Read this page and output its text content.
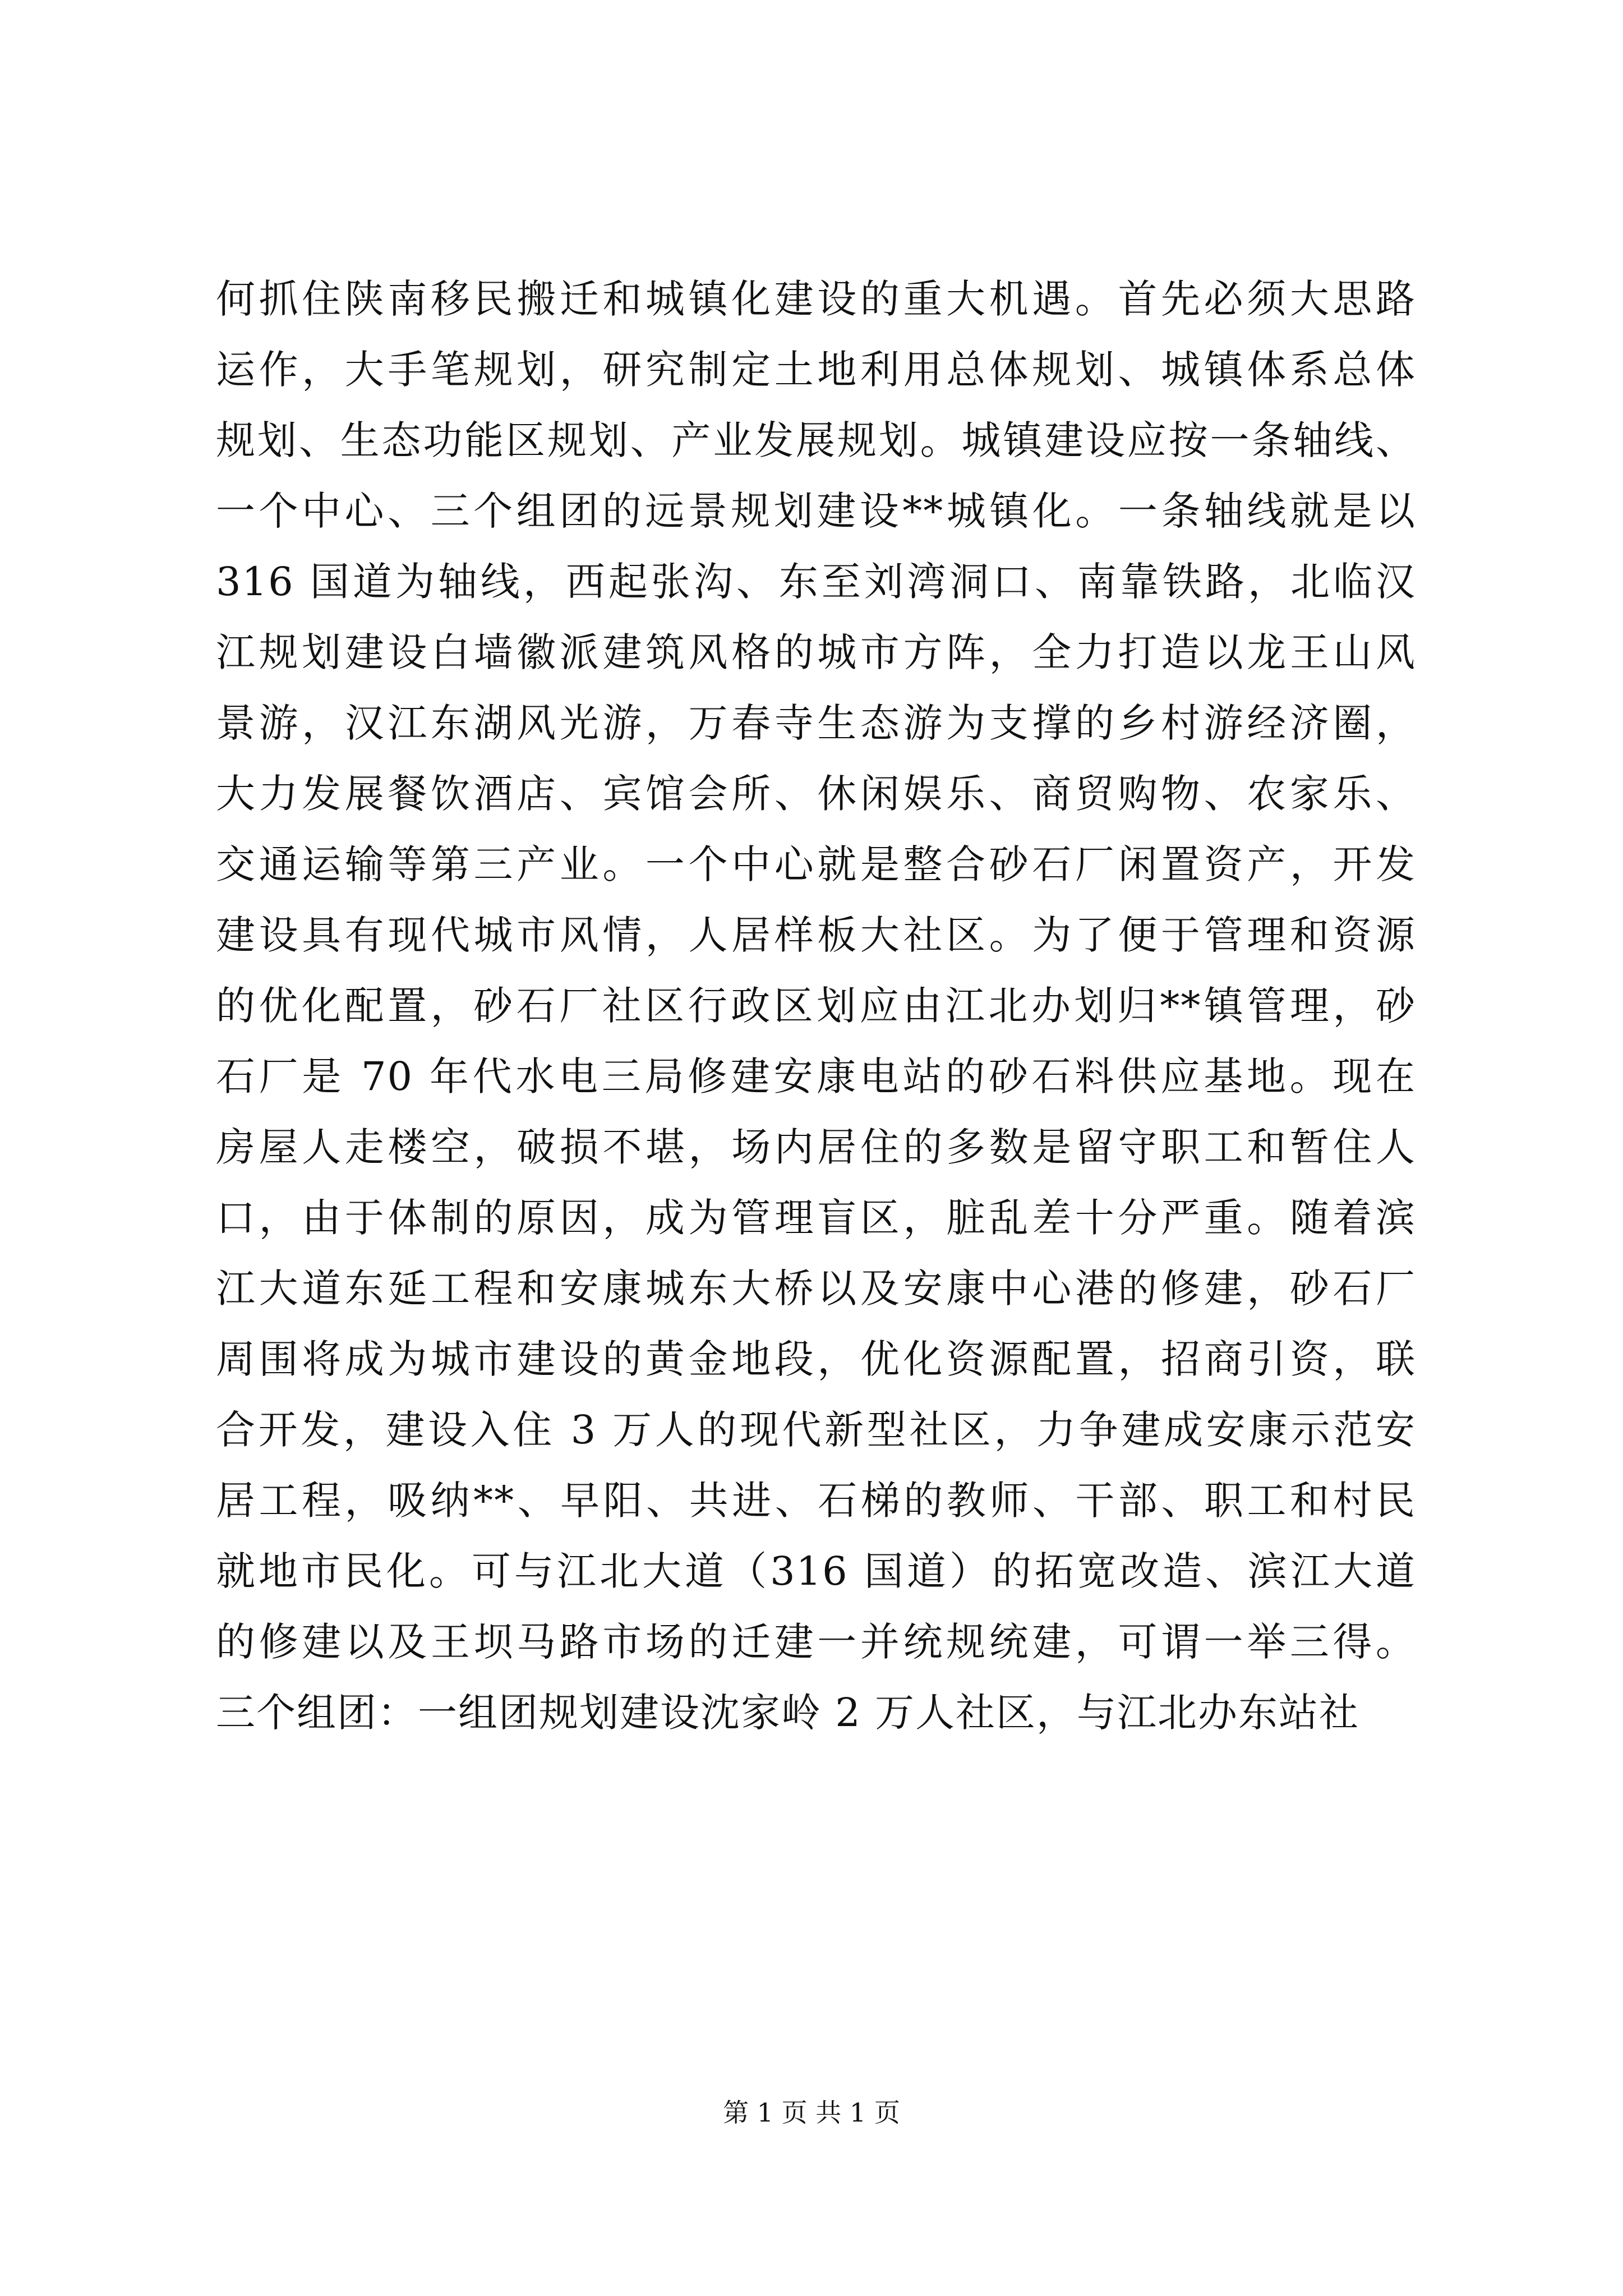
何抓住陕南移民搬迁和城镇化建设的重大机遇。首先必须大思路
运作，大手笔规划，研究制定土地利用总体规划、城镇体系总体
规划、生态功能区规划、产业发展规划。城镇建设应按一条轴线、
一个中心、三个组团的远景规划建设**城镇化。一条轴线就是以
316 国道为轴线，西起张沟、东至刘湾洞口、南靠铁路，北临汉
江规划建设白墙徽派建筑风格的城市方阵，全力打造以龙王山风
景游，汉江东湖风光游，万春寺生态游为支撑的乡村游经济圈，
大力发展餐饮酒店、宾馆会所、休闲娱乐、商贸购物、农家乐、
交通运输等第三产业。一个中心就是整合砂石厂闲置资产，开发
建设具有现代城市风情，人居样板大社区。为了便于管理和资源
的优化配置，砂石厂社区行政区划应由江北办划归**镇管理，砂
石厂是 70 年代水电三局修建安康电站的砂石料供应基地。现在
房屋人走楼空，破损不堪，场内居住的多数是留守职工和暂住人
口，由于体制的原因，成为管理盲区，脏乱差十分严重。随着滨
江大道东延工程和安康城东大桥以及安康中心港的修建，砂石厂
周围将成为城市建设的黄金地段，优化资源配置，招商引资，联
合开发，建设入住 3 万人的现代新型社区，力争建成安康示范安
居工程，吸纳**、早阳、共进、石梯的教师、干部、职工和村民
就地市民化。可与江北大道（316 国道）的拓宽改造、滨江大道
的修建以及王坝马路市场的迁建一并统规统建，可谓一举三得。
三个组团：一组团规划建设沈家岭 2 万人社区，与江北办东站社
第 1 页 共 1 页
